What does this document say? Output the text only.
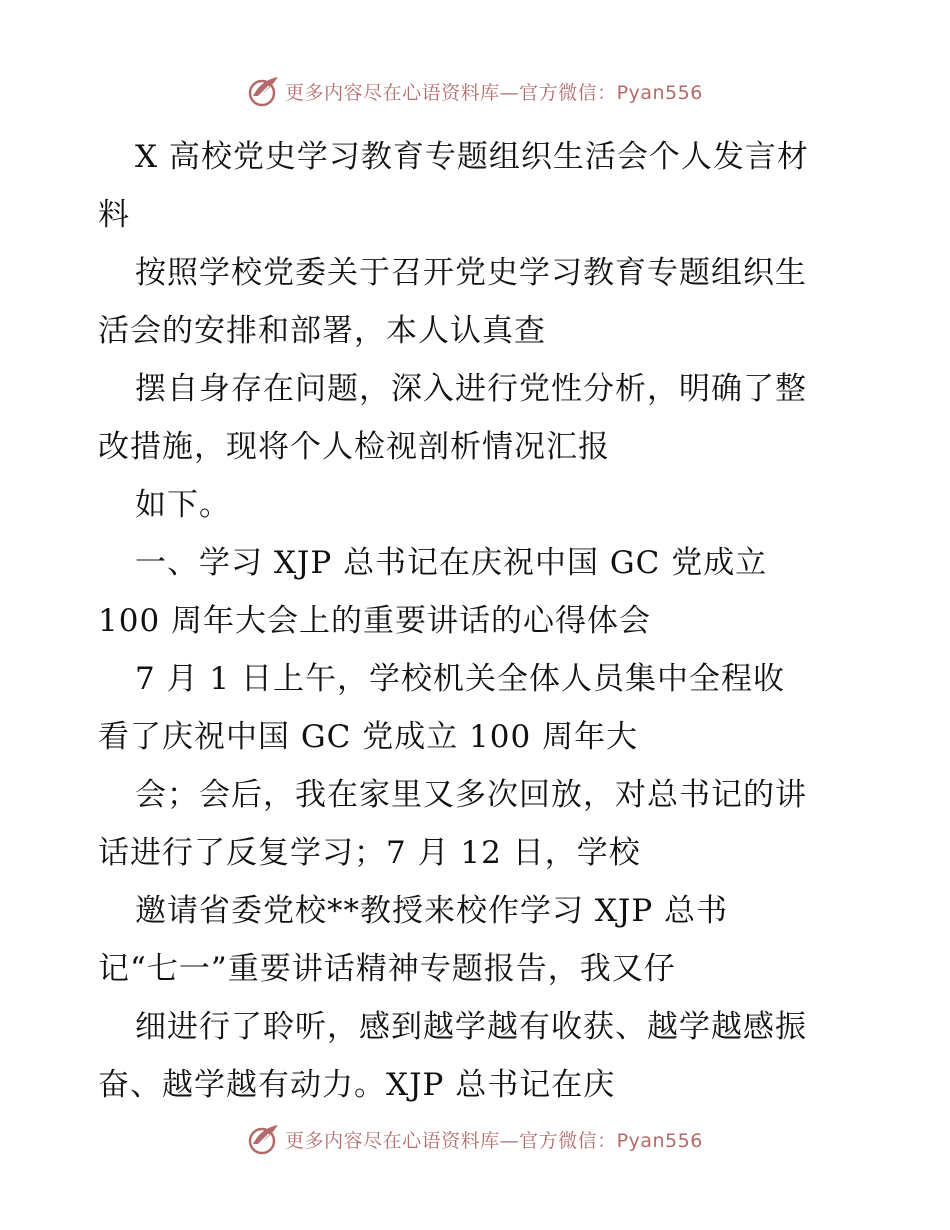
更多内容尽在心语资料库—官方微信：Pyan556
X 高校党史学习教育专题组织生活会个人发言材
料
按照学校党委关于召开党史学习教育专题组织生
活会的安排和部署，本人认真查
摆自身存在问题，深入进行党性分析，明确了整
改措施，现将个人检视剖析情况汇报
如下。
一、学习 XJP 总书记在庆祝中国 GC 党成立
100 周年大会上的重要讲话的心得体会
7 月 1 日上午，学校机关全体人员集中全程收
看了庆祝中国 GC 党成立 100 周年大
会；会后，我在家里又多次回放，对总书记的讲
话进行了反复学习；7 月 12 日，学校
邀请省委党校**教授来校作学习 XJP 总书
记“七一”重要讲话精神专题报告，我又仔
细进行了聆听，感到越学越有收获、越学越感振
奋、越学越有动力。XJP 总书记在庆
更多内容尽在心语资料库—官方微信：Pyan556
